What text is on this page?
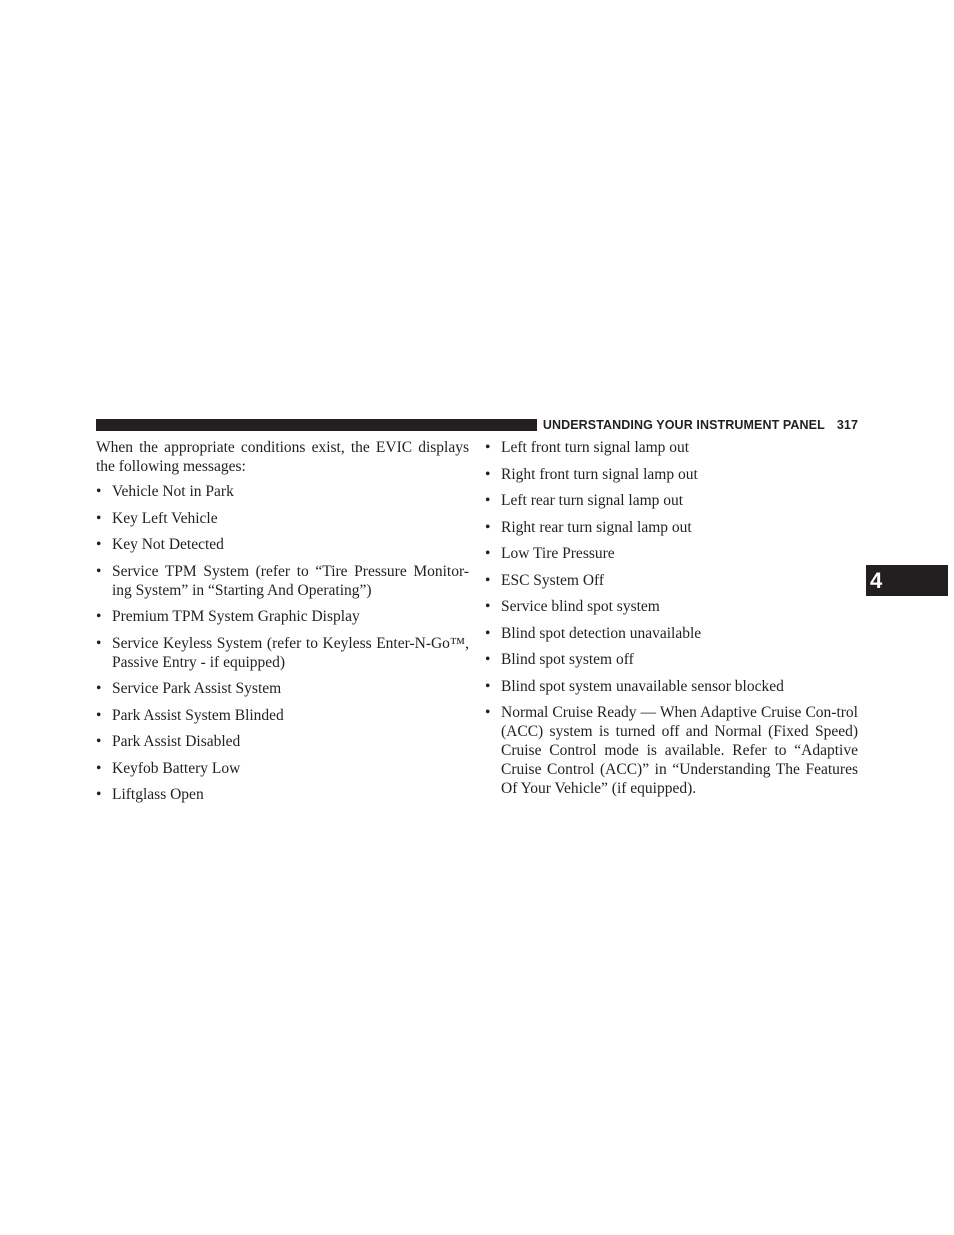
UNDERSTANDING YOUR INSTRUMENT PANEL 317
4

When the appropriate conditions exist, the EVIC displays the following messages:

• Vehicle Not in Park
• Key Left Vehicle
• Key Not Detected
• Service TPM System (refer to “Tire Pressure Monitor-ing System” in “Starting And Operating”)
• Premium TPM System Graphic Display
• Service Keyless System (refer to Keyless Enter-N-Go™, Passive Entry - if equipped)
• Service Park Assist System
• Park Assist System Blinded
• Park Assist Disabled
• Keyfob Battery Low
• Liftglass Open
• Left front turn signal lamp out
• Right front turn signal lamp out
• Left rear turn signal lamp out
• Right rear turn signal lamp out
• Low Tire Pressure
• ESC System Off
• Service blind spot system
• Blind spot detection unavailable
• Blind spot system off
• Blind spot system unavailable sensor blocked
• Normal Cruise Ready — When Adaptive Cruise Con-trol (ACC) system is turned off and Normal (Fixed Speed) Cruise Control mode is available. Refer to “Adaptive Cruise Control (ACC)” in “Understanding The Features Of Your Vehicle” (if equipped).
